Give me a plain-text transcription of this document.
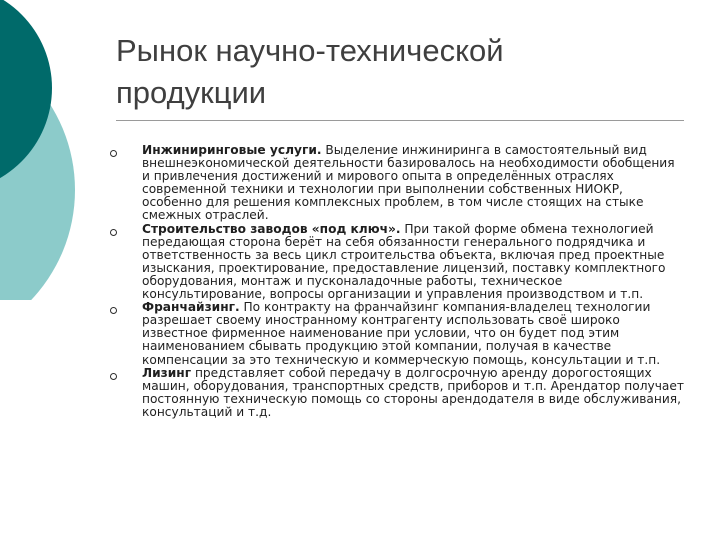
Рынок научно-технической
продукции

Инжиниринговые услуги. Выделение инжиниринга в самостоятельный вид внешнеэкономической деятельности базировалось на необходимости обобщения и привлечения достижений и мирового опыта в определённых отраслях современной техники и технологии при выполнении собственных НИОКР, особенно для решения комплексных проблем, в том числе стоящих на стыке смежных отраслей.

Строительство заводов «под ключ». При такой форме обмена технологией передающая сторона берёт на себя обязанности генерального подрядчика и ответственность за весь цикл строительства объекта, включая пред проектные изыскания, проектирование, предоставление лицензий, поставку комплектного оборудования, монтаж и пусконаладочные работы, техническое консультирование, вопросы организации и управления производством и т.п.

Франчайзинг. По контракту на франчайзинг компания-владелец технологии разрешает своему иностранному контрагенту использовать своё широко известное фирменное наименование при условии, что он будет под этим наименованием сбывать продукцию этой компании, получая в качестве компенсации за это техническую и коммерческую помощь, консультации и т.п.

Лизинг представляет собой передачу в долгосрочную аренду дорогостоящих машин, оборудования, транспортных средств, приборов и т.п. Арендатор получает постоянную техническую помощь со стороны арендодателя в виде обслуживания, консультаций и т.д.
